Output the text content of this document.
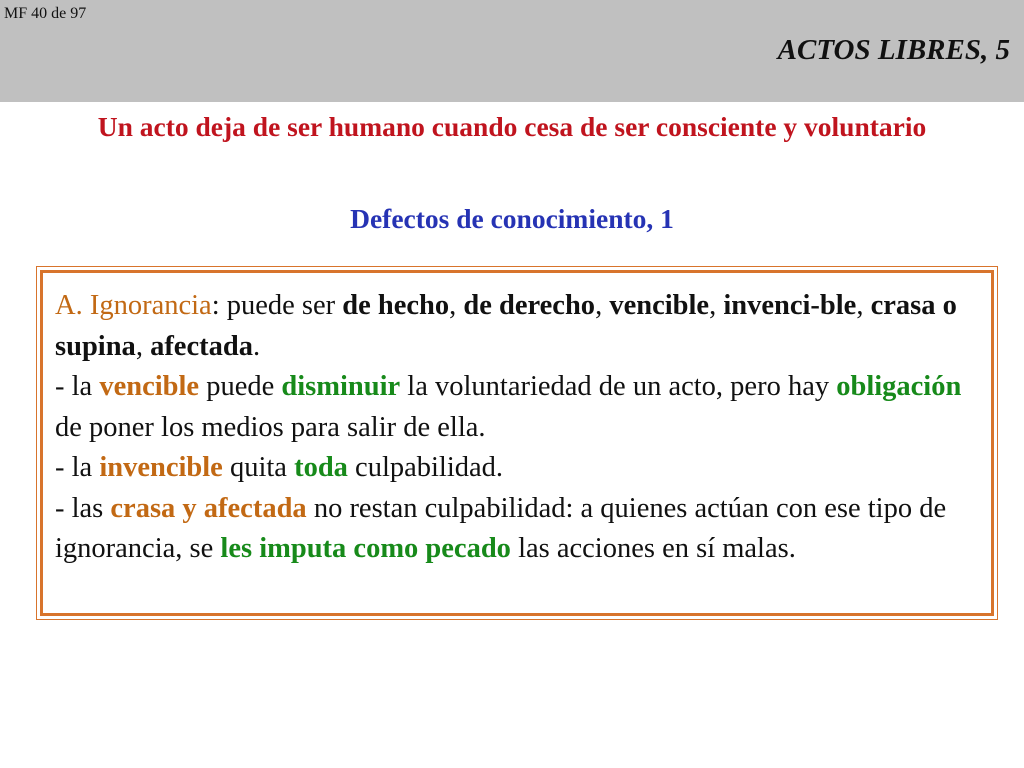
MF 40 de 97
ACTOS LIBRES, 5
Un acto deja de ser humano cuando cesa de ser consciente y voluntario
Defectos de conocimiento, 1

A. Ignorancia: puede ser de hecho, de derecho, vencible, invenci-ble, crasa o supina, afectada.

- la vencible puede disminuir la voluntariedad de un acto, pero hay obligación de poner los medios para salir de ella.

- la invencible quita toda culpabilidad.

- las crasa y afectada no restan culpabilidad: a quienes actúan con ese tipo de ignorancia, se les imputa como pecado las acciones en sí malas.
